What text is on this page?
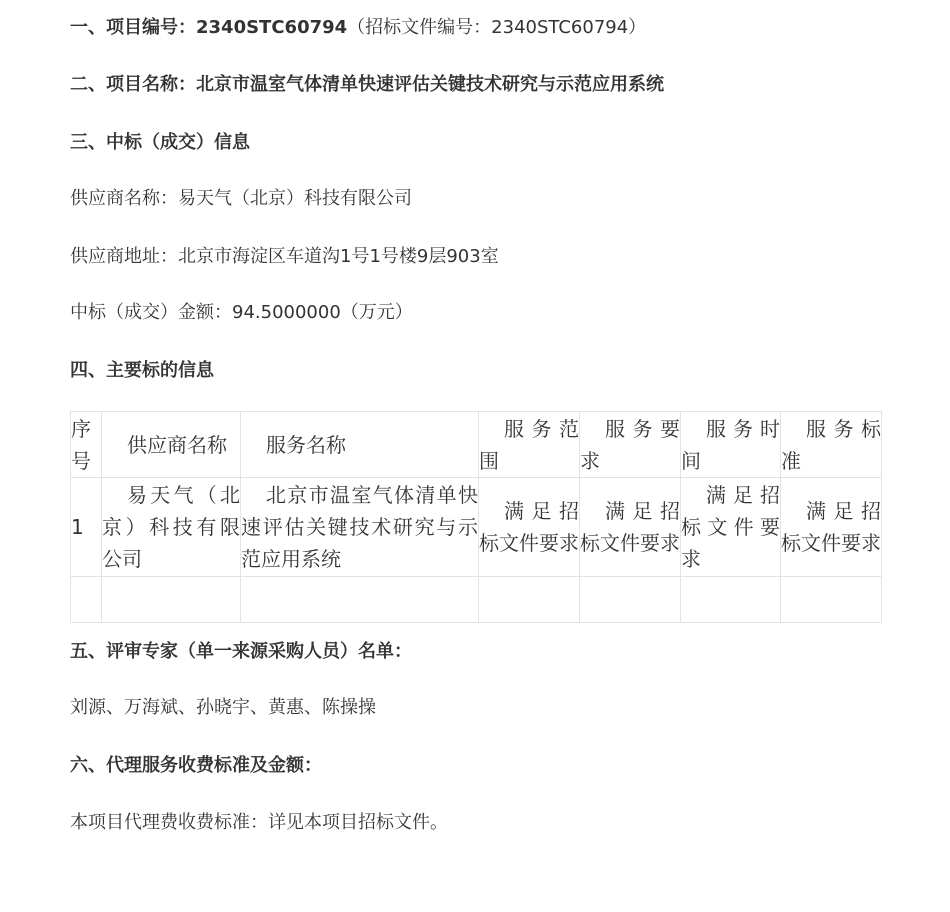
一、项目编号：2340STC60794（招标文件编号：2340STC60794）
二、项目名称：北京市温室气体清单快速评估关键技术研究与示范应用系统
三、中标（成交）信息
供应商名称：易天气（北京）科技有限公司
供应商地址：北京市海淀区车道沟1号1号楼9层903室
中标（成交）金额：94.5000000（万元）
四、主要标的信息
五、评审专家（单一来源采购人员）名单：
刘源、万海斌、孙晓宇、黄惠、陈操操
六、代理服务收费标准及金额：
本项目代理费收费标准：详见本项目招标文件。
序号	供应商名称	服务名称	服务范围	服务要求	服务时间	服务标准
1	易天气（北京）科技有限公司	北京市温室气体清单快速评估关键技术研究与示范应用系统	满足招标文件要求	满足招标文件要求	满足招标文件要求	满足招标文件要求
